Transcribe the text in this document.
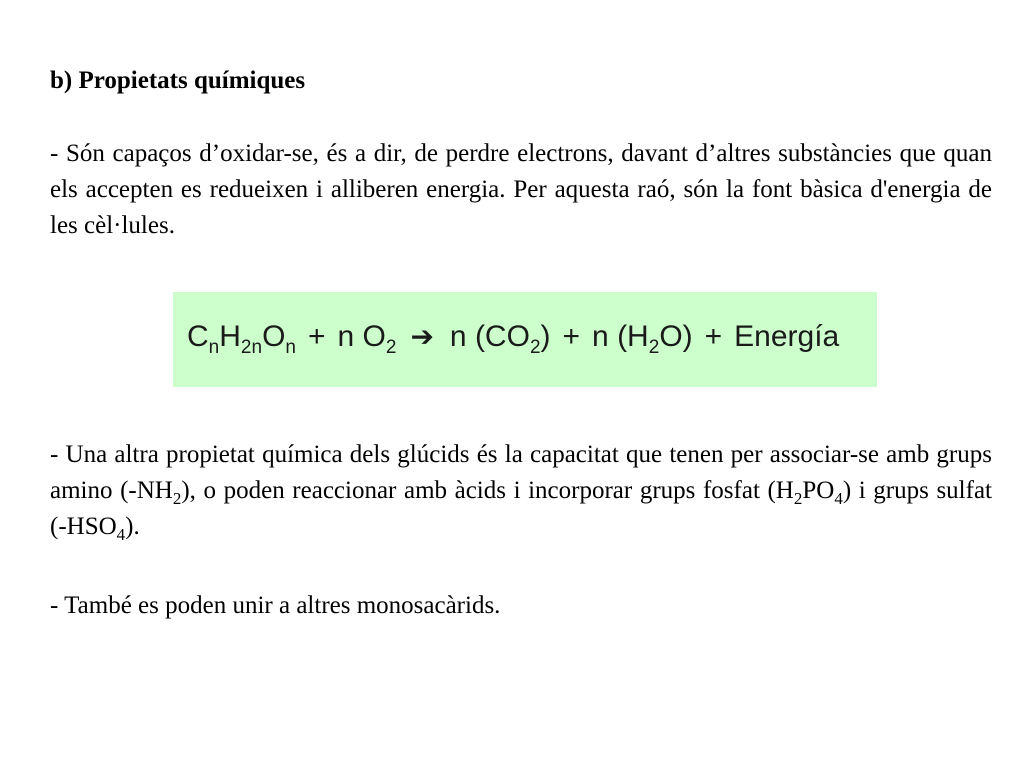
b) Propietats químiques

- Són capaços d’oxidar-se, és a dir, de perdre electrons, davant d’altres substàncies que quan els accepten es redueixen i alliberen energia. Per aquesta raó, són la font bàsica d'energia de les cèl·lules.

$C_nH_{2n}O_n + n$ $O_2$ ➔ n $(CO_2) + n$ $(H_2O)$ + Energía

- Una altra propietat química dels glúcids és la capacitat que tenen per associar-se amb grups amino $(-NH_2)$, o poden reaccionar amb àcids i incorporar grups fosfat $(H_2PO_4)$ i grups sulfat $(-HSO_4)$.

- També es poden unir a altres monosacàrids.
